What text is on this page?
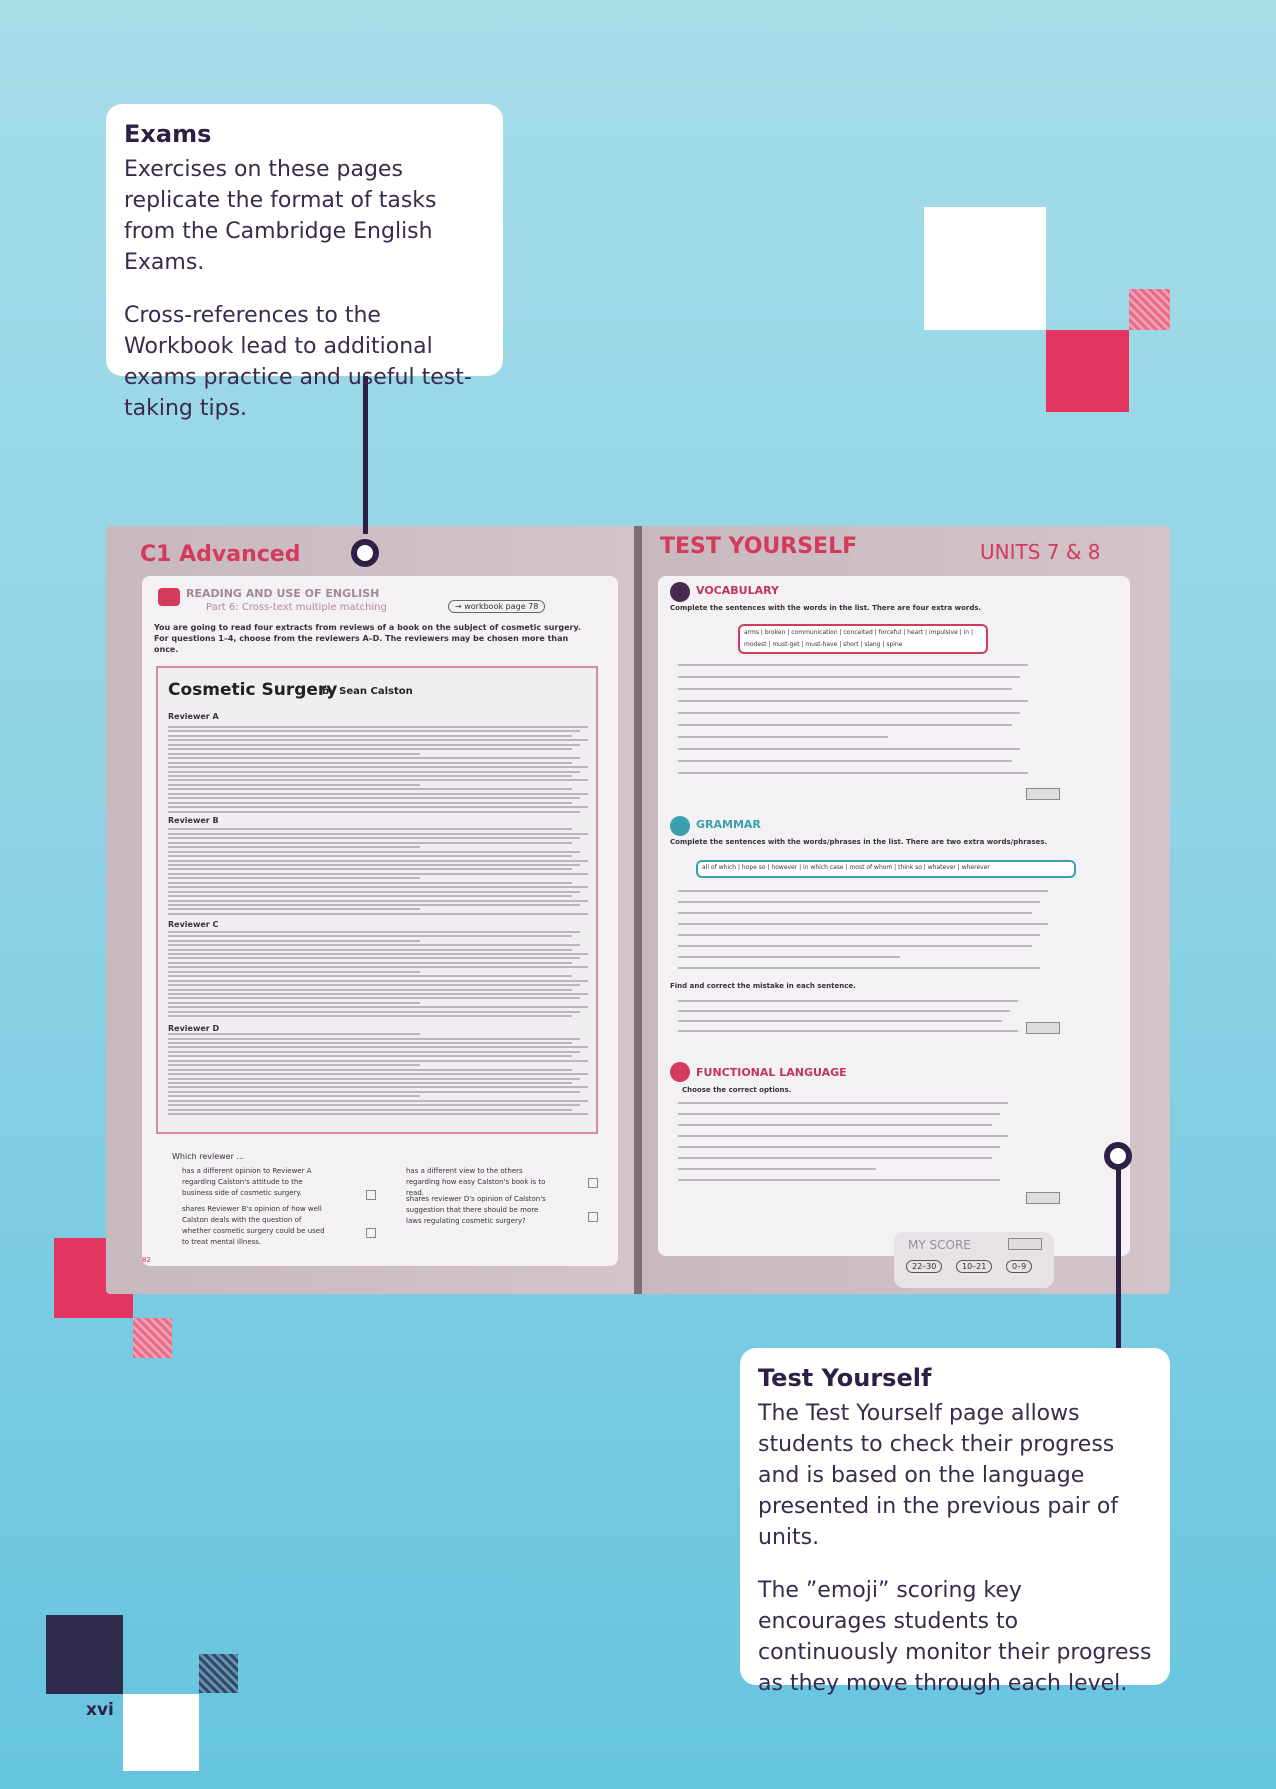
xvi
C1 Advanced
READING AND USE OF ENGLISH
Part 6: Cross-text multiple matching	→ workbook page 78
You are going to read four extracts from reviews of a book on the subject of cosmetic surgery. For questions 1–4, choose from the reviewers A–D. The reviewers may be chosen more than once.
Cosmetic Surgery
by Sean Calston
Reviewer A
Reviewer B
Reviewer C
Reviewer D
Which reviewer ...
has a different opinion to Reviewer A regarding Calston's attitude to the business side of cosmetic surgery.
shares Reviewer B's opinion of how well Calston deals with the question of whether cosmetic surgery could be used to treat mental illness.
has a different view to the others regarding how easy Calston's book is to read.
shares reviewer D's opinion of Calston's suggestion that there should be more laws regulating cosmetic surgery?
82
TEST YOURSELF	UNITS 7 & 8
VOCABULARY
Complete the sentences with the words in the list. There are four extra words.
arms | broken | communication | conceited | forceful | heart | impulsive | in | modest | must-get | must-have | short | slang | spine
GRAMMAR
Complete the sentences with the words/phrases in the list. There are two extra words/phrases.
all of which | hope so | however | in which case | most of whom | think so | whatever | wherever
Find and correct the mistake in each sentence.
FUNCTIONAL LANGUAGE
Choose the correct options.
MY SCORE
22–30	10–21	0–9
Exams

Exercises on these pages replicate the format of tasks from the Cambridge English Exams.

Cross-references to the Workbook lead to additional exams practice and useful test-taking tips.

Test Yourself

The Test Yourself page allows students to check their progress and is based on the language presented in the previous pair of units.

The ”emoji” scoring key encourages students to continuously monitor their progress as they move through each level.
